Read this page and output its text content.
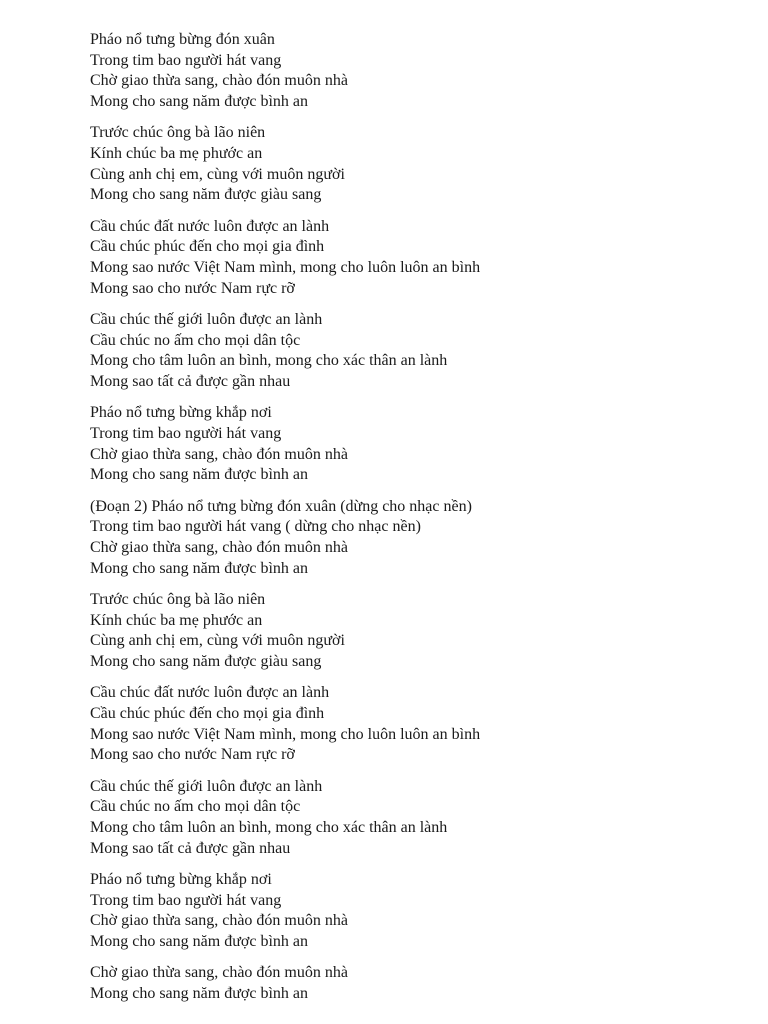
Pháo nổ tưng bừng đón xuân
Trong tim bao người hát vang
Chờ giao thừa sang, chào đón muôn nhà
Mong cho sang năm được bình an
Trước chúc ông bà lão niên
Kính chúc ba mẹ phước an
Cùng anh chị em, cùng với muôn người
Mong cho sang năm được giàu sang
Cầu chúc đất nước luôn được an lành
Cầu chúc phúc đến cho mọi gia đình
Mong sao nước Việt Nam mình, mong cho luôn luôn an bình
Mong sao cho nước Nam rực rỡ
Cầu chúc thế giới luôn được an lành
Cầu chúc no ấm cho mọi dân tộc
Mong cho tâm luôn an bình, mong cho xác thân an lành
Mong sao tất cả được gần nhau
Pháo nổ tưng bừng khắp nơi
Trong tim bao người hát vang
Chờ giao thừa sang, chào đón muôn nhà
Mong cho sang năm được bình an
(Đoạn 2) Pháo nổ tưng bừng đón xuân (dừng cho nhạc nền)
Trong tim bao người hát vang ( dừng cho nhạc nền)
Chờ giao thừa sang, chào đón muôn nhà
Mong cho sang năm được bình an
Trước chúc ông bà lão niên
Kính chúc ba mẹ phước an
Cùng anh chị em, cùng với muôn người
Mong cho sang năm được giàu sang
Cầu chúc đất nước luôn được an lành
Cầu chúc phúc đến cho mọi gia đình
Mong sao nước Việt Nam mình, mong cho luôn luôn an bình
Mong sao cho nước Nam rực rỡ
Cầu chúc thế giới luôn được an lành
Cầu chúc no ấm cho mọi dân tộc
Mong cho tâm luôn an bình, mong cho xác thân an lành
Mong sao tất cả được gần nhau
Pháo nổ tưng bừng khắp nơi
Trong tim bao người hát vang
Chờ giao thừa sang, chào đón muôn nhà
Mong cho sang năm được bình an
Chờ giao thừa sang, chào đón muôn nhà
Mong cho sang năm được bình an
